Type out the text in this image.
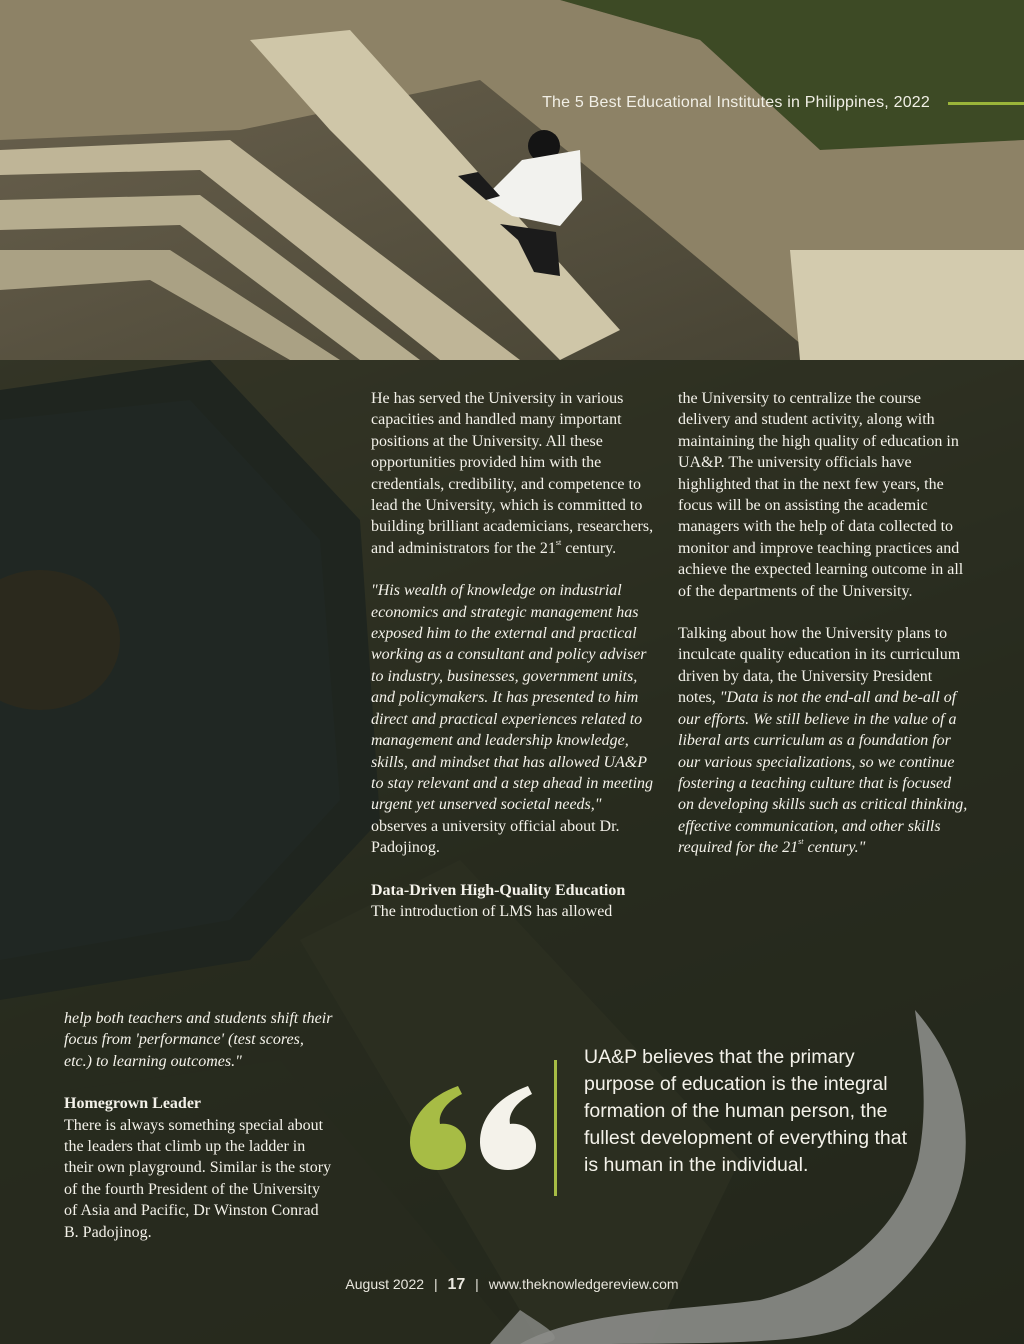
The 5 Best Educational Institutes in Philippines, 2022

He has served the University in various capacities and handled many important positions at the University. All these opportunities provided him with the credentials, credibility, and competence to lead the University, which is committed to building brilliant academicians, researchers, and administrators for the 21st century.

"His wealth of knowledge on industrial economics and strategic management has exposed him to the external and practical working as a consultant and policy adviser to industry, businesses, government units, and policymakers. It has presented to him direct and practical experiences related to management and leadership knowledge, skills, and mindset that has allowed UA&P to stay relevant and a step ahead in meeting urgent yet unserved societal needs," observes a university official about Dr. Padojinog.

Data-Driven High-Quality Education
The introduction of LMS has allowed

the University to centralize the course delivery and student activity, along with maintaining the high quality of education in UA&P. The university officials have highlighted that in the next few years, the focus will be on assisting the academic managers with the help of data collected to monitor and improve teaching practices and achieve the expected learning outcome in all of the departments of the University.

Talking about how the University plans to inculcate quality education in its curriculum driven by data, the University President notes, "Data is not the end-all and be-all of our efforts. We still believe in the value of a liberal arts curriculum as a foundation for our various specializations, so we continue fostering a teaching culture that is focused on developing skills such as critical thinking, effective communication, and other skills required for the 21st century."

help both teachers and students shift their focus from 'performance' (test scores, etc.) to learning outcomes."

Homegrown Leader
There is always something special about the leaders that climb up the ladder in their own playground. Similar is the story of the fourth President of the University of Asia and Pacific, Dr Winston Conrad B. Padojinog.

UA&P believes that the primary purpose of education is the integral formation of the human person, the fullest development of everything that is human in the individual.
August 2022 | 17 | www.theknowledgereview.com
